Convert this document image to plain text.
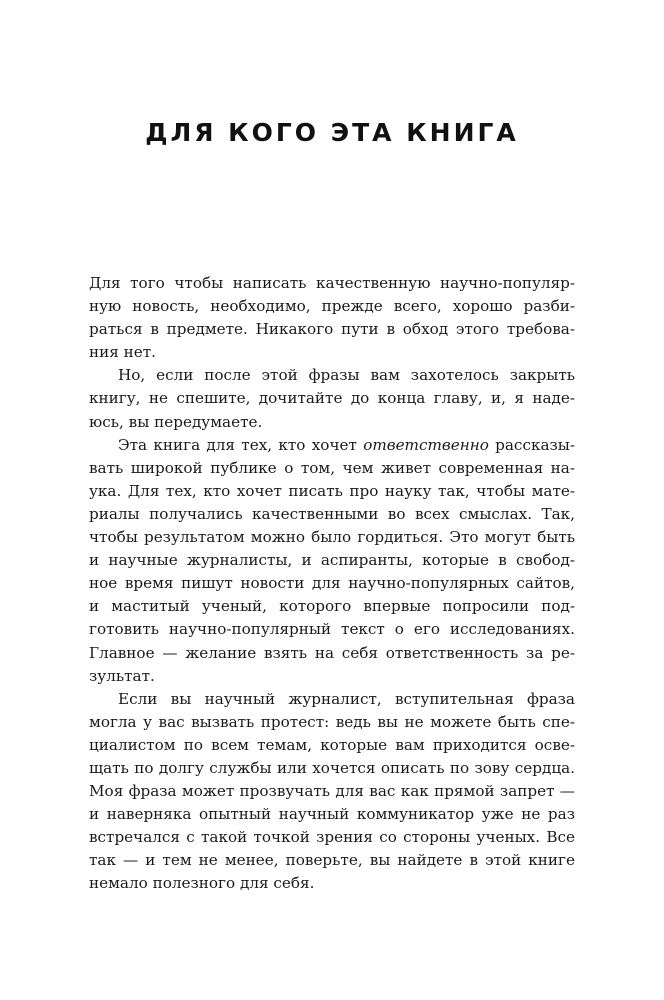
ДЛЯ КОГО ЭТА КНИГА

Для того чтобы написать качественную научно-популяр-
ную новость, необходимо, прежде всего, хорошо разби-
раться в предмете. Никакого пути в обход этого требова-
ния нет.

Но, если после этой фразы вам захотелось закрыть
книгу, не спешите, дочитайте до конца главу, и, я наде-
юсь, вы передумаете.

Эта книга для тех, кто хочет ответственно рассказы-
вать широкой публике о том, чем живет современная на-
ука. Для тех, кто хочет писать про науку так, чтобы мате-
риалы получались качественными во всех смыслах. Так,
чтобы результатом можно было гордиться. Это могут быть
и научные журналисты, и аспиранты, которые в свобод-
ное время пишут новости для научно-популярных сайтов,
и маститый ученый, которого впервые попросили под-
готовить научно-популярный текст о его исследованиях.
Главное — желание взять на себя ответственность за ре-
зультат.

Если вы научный журналист, вступительная фраза
могла у вас вызвать протест: ведь вы не можете быть спе-
циалистом по всем темам, которые вам приходится осве-
щать по долгу службы или хочется описать по зову сердца.
Моя фраза может прозвучать для вас как прямой запрет —
и наверняка опытный научный коммуникатор уже не раз
встречался с такой точкой зрения со стороны ученых. Все
так — и тем не менее, поверьте, вы найдете в этой книге
немало полезного для себя.
